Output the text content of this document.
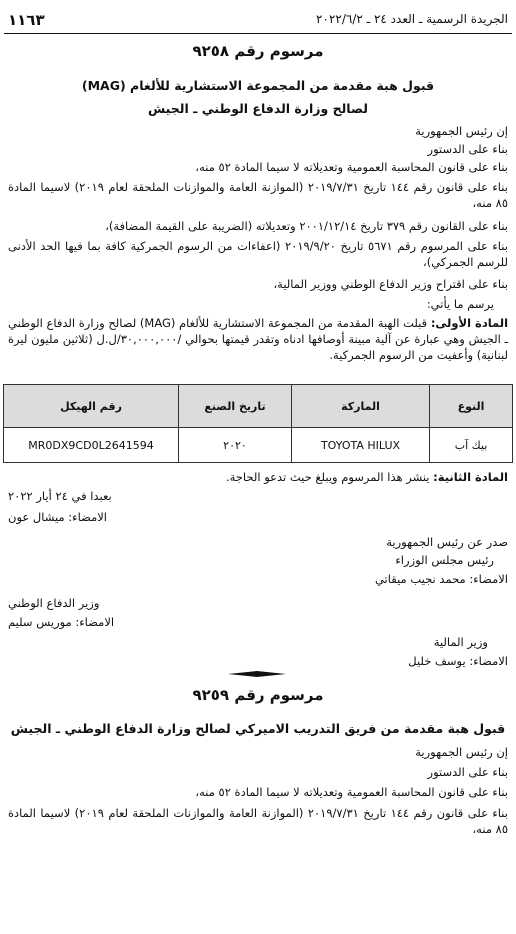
١١٦٣	الجريدة الرسمية ـ العدد ٢٤ ـ ٢٠٢٢/٦/٢
مرسوم رقم ٩٢٥٨
قبول هبة مقدمة من المجموعة الاستشارية للألغام (MAG)
لصالح وزارة الدفاع الوطني ـ الجيش
إن رئيس الجمهورية
بناء على الدستور
بناء على قانون المحاسبة العمومية وتعديلاته لا سيما المادة ٥٢ منه،
بناء على قانون رقم ١٤٤ تاريخ ٢٠١٩/٧/٣١ (الموازنة العامة والموازنات الملحقة لعام ٢٠١٩) لاسيما المادة ٨٥ منه،
بناء على القانون رقم ٣٧٩ تاريخ ٢٠٠١/١٢/١٤ وتعديلاته (الضريبة على القيمة المضافة)،
بناء على المرسوم رقم ٥٦٧١ تاريخ ٢٠١٩/٩/٢٠ (اعفاءات من الرسوم الجمركية كافة بما فيها الحد الأدنى للرسم الجمركي)،
بناء على اقتراح وزير الدفاع الوطني ووزير المالية،
يرسم ما يأتي:
المادة الأولى: قبلت الهبة المقدمة من المجموعة الاستشارية للألغام (MAG) لصالح وزارة الدفاع الوطني ـ الجيش وهي عبارة عن آلية مبينة أوصافها ادناه وتقدر قيمتها بحوالي /٣٠,٠٠٠,٠٠٠/ل.ل (ثلاثين مليون ليرة لبنانية) وأعفيت من الرسوم الجمركية.
النوع	الماركة	تاريخ الصنع	رقم الهيكل
بيك آب	TOYOTA HILUX	٢٠٢٠	MR0DX9CD0L2641594
المادة الثانية: ينشر هذا المرسوم ويبلغ حيث تدعو الحاجة.
بعبدا في ٢٤ أيار ٢٠٢٢
الامضاء: ميشال عون
صدر عن رئيس الجمهورية
رئيس مجلس الوزراء
الامضاء: محمد نجيب ميقاتي
وزير الدفاع الوطني
الامضاء: موريس سليم
وزير المالية
الامضاء: يوسف خليل
مرسوم رقم ٩٢٥٩
قبول هبة مقدمة من فريق التدريب الاميركي لصالح وزارة الدفاع الوطني ـ الجيش
إن رئيس الجمهورية
بناء على الدستور
بناء على قانون المحاسبة العمومية وتعديلاته لا سيما المادة ٥٢ منه،
بناء على قانون رقم ١٤٤ تاريخ ٢٠١٩/٧/٣١ (الموازنة العامة والموازنات الملحقة لعام ٢٠١٩) لاسيما المادة ٨٥ منه،
